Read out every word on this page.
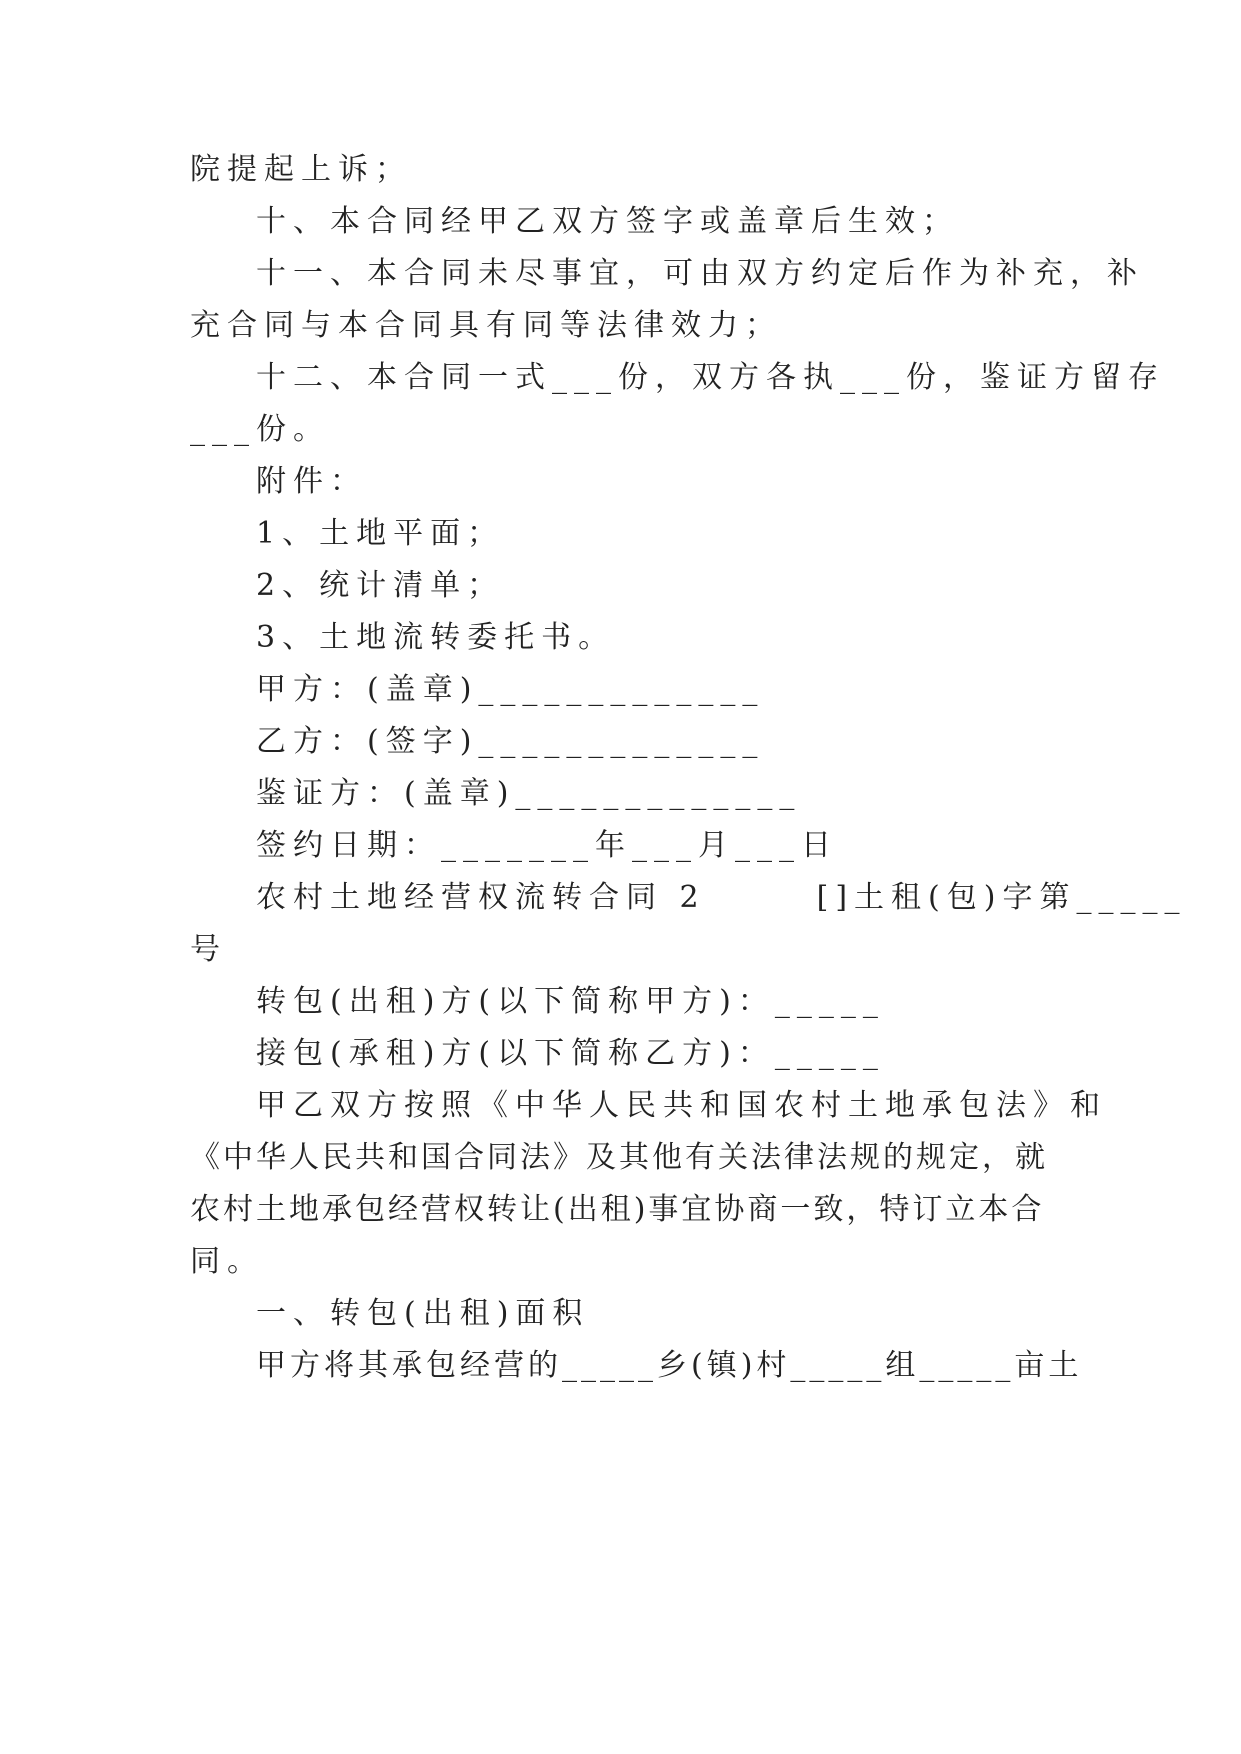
院提起上诉；
十、本合同经甲乙双方签字或盖章后生效；
十一、本合同未尽事宜，可由双方约定后作为补充，补
充合同与本合同具有同等法律效力；
十二、本合同一式___份，双方各执___份，鉴证方留存
___份。
附件：
1、土地平面；
2、统计清单；
3、土地流转委托书。
甲方：(盖章)_____________
乙方：(签字)_____________
鉴证方：(盖章)_____________
签约日期：_______年___月___日
农村土地经营权流转合同 2　　　[]土租(包)字第_____
号
转包(出租)方(以下简称甲方)：_____
接包(承租)方(以下简称乙方)：_____
甲乙双方按照《中华人民共和国农村土地承包法》和
《中华人民共和国合同法》及其他有关法律法规的规定，就
农村土地承包经营权转让(出租)事宜协商一致，特订立本合
同。
一、转包(出租)面积
甲方将其承包经营的_____乡(镇)村_____组_____亩土
